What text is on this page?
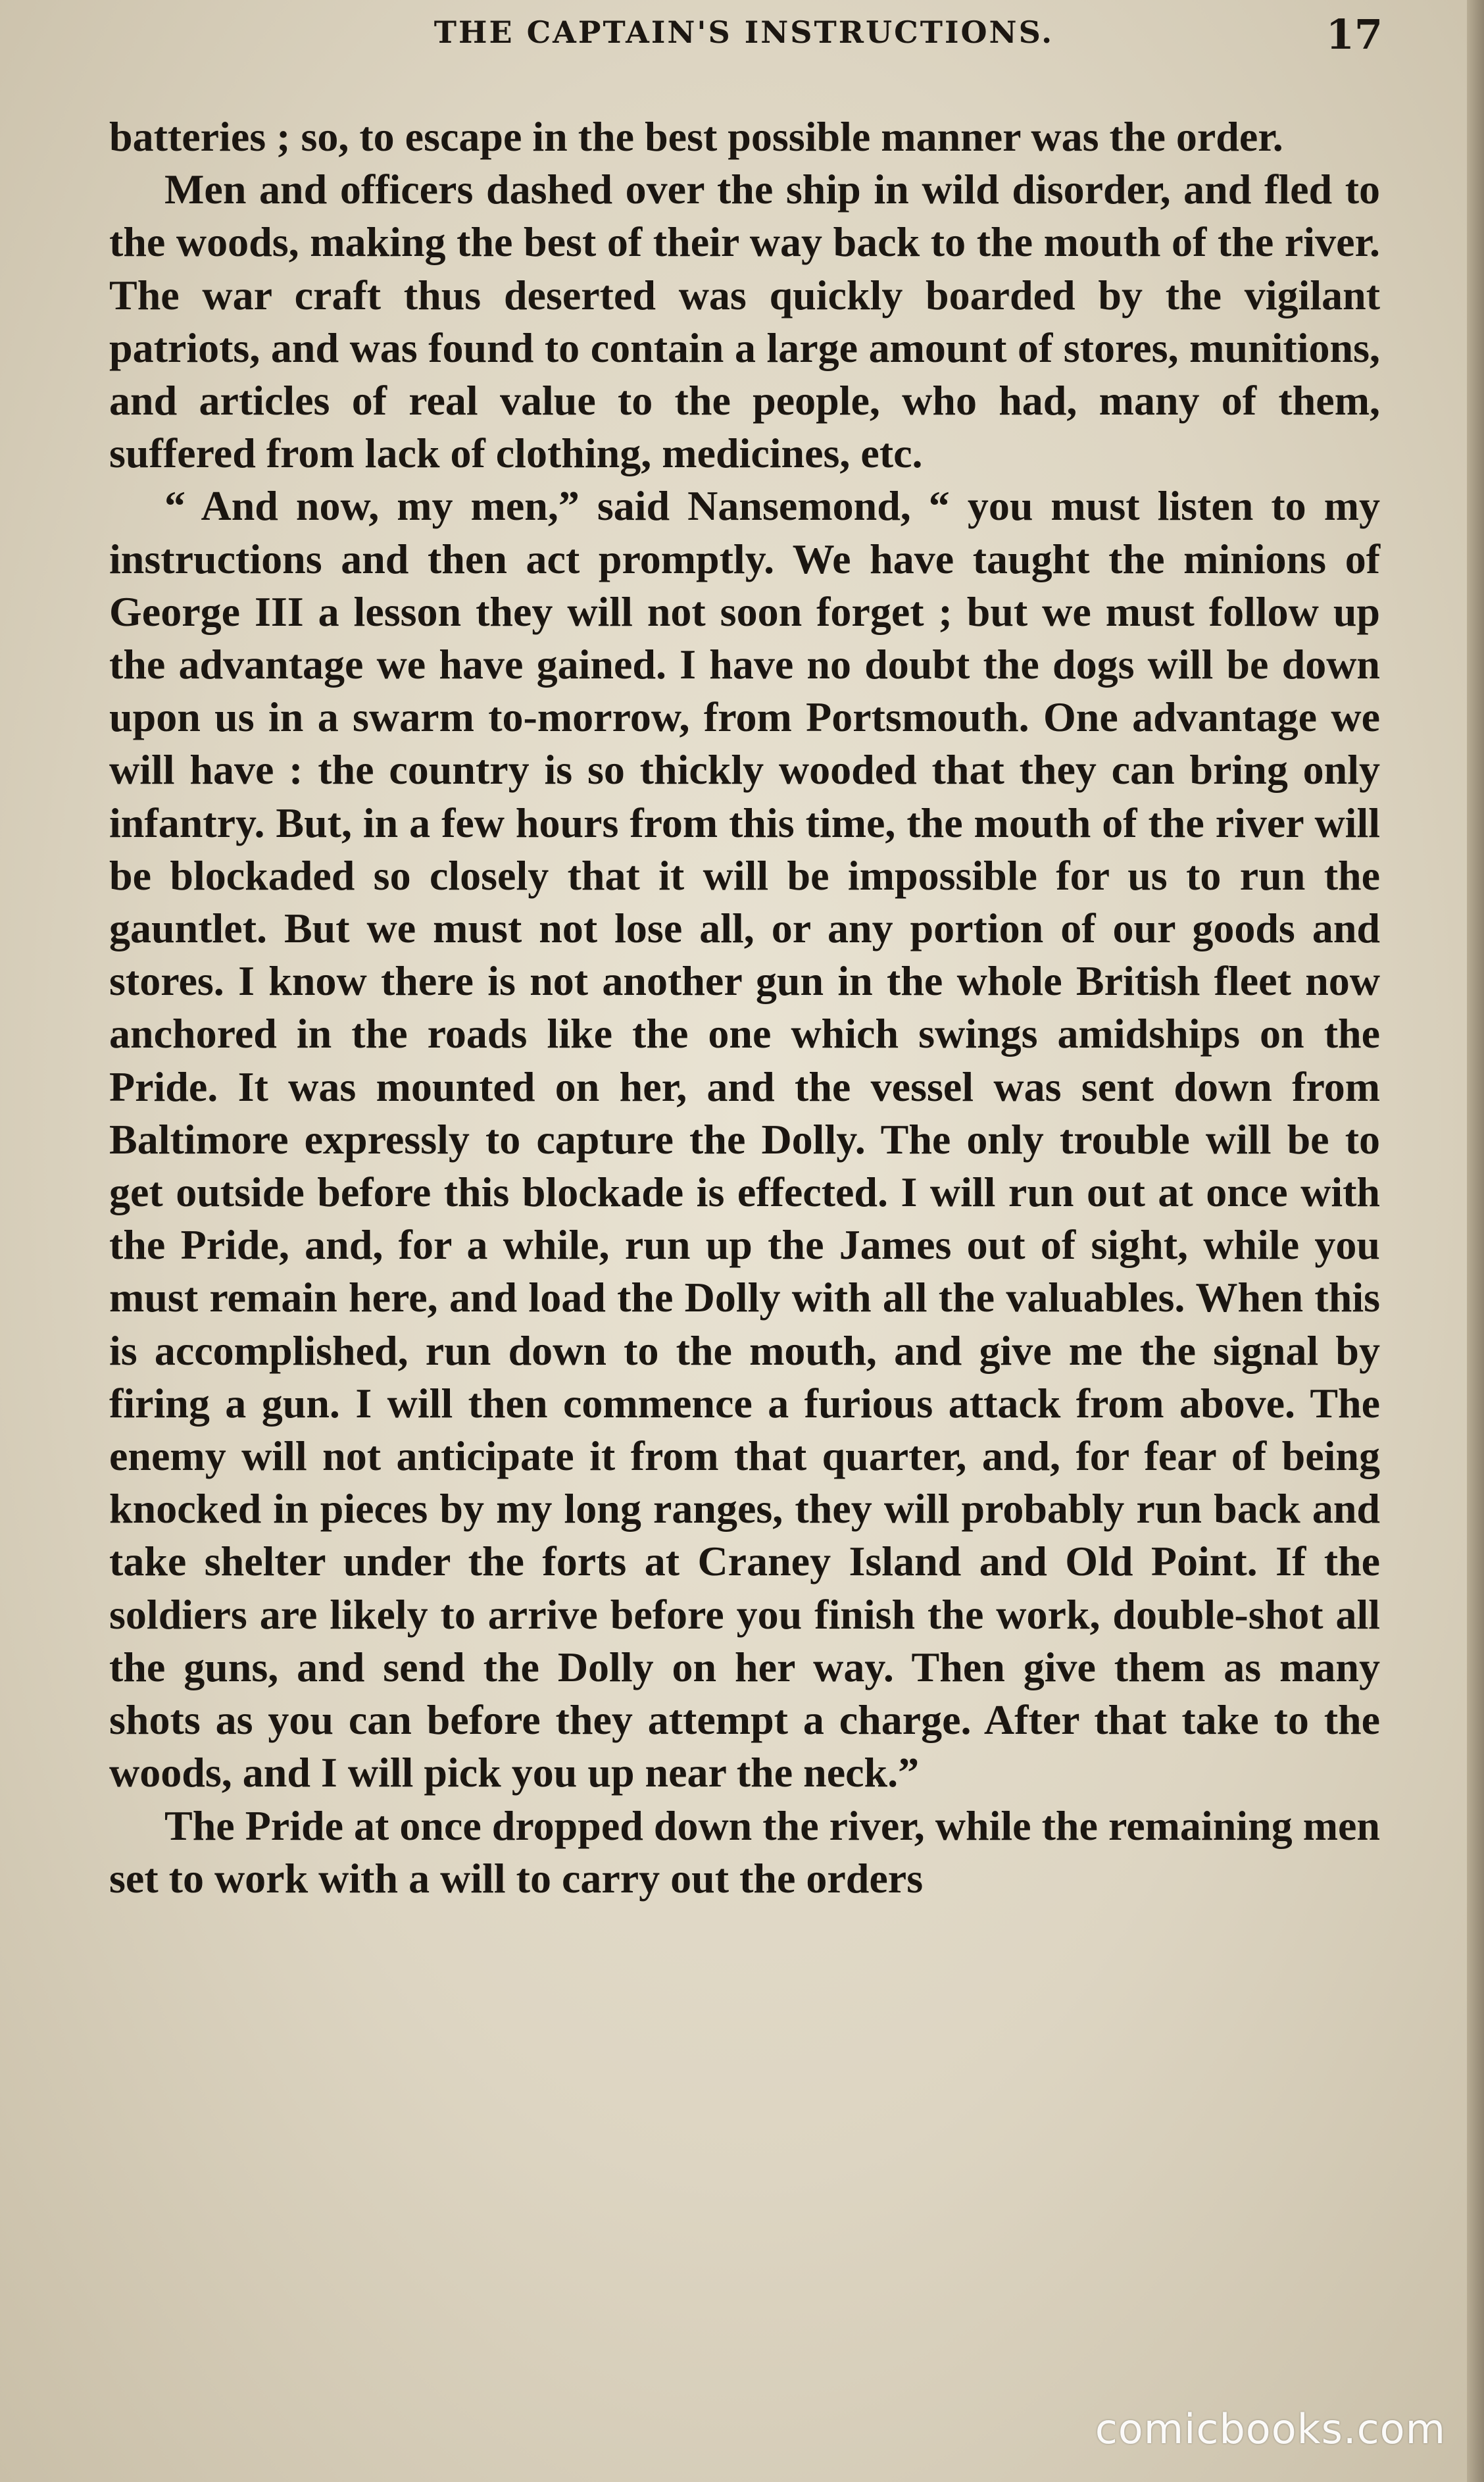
THE CAPTAIN'S INSTRUCTIONS.	17

batteries ; so, to escape in the best possible manner was the order.

Men and officers dashed over the ship in wild disorder, and fled to the woods, making the best of their way back to the mouth of the river. The war craft thus deserted was quickly boarded by the vigilant patriots, and was found to contain a large amount of stores, munitions, and articles of real value to the people, who had, many of them, suffered from lack of clothing, medicines, etc.

“ And now, my men,” said Nansemond, “ you must listen to my instructions and then act promptly. We have taught the minions of George III a lesson they will not soon forget ; but we must follow up the advantage we have gained. I have no doubt the dogs will be down upon us in a swarm to-morrow, from Portsmouth. One advantage we will have : the country is so thickly wooded that they can bring only infantry. But, in a few hours from this time, the mouth of the river will be blockaded so closely that it will be impossible for us to run the gauntlet. But we must not lose all, or any portion of our goods and stores. I know there is not another gun in the whole British fleet now anchored in the roads like the one which swings amidships on the Pride. It was mounted on her, and the vessel was sent down from Baltimore expressly to capture the Dolly. The only trouble will be to get outside before this blockade is effected. I will run out at once with the Pride, and, for a while, run up the James out of sight, while you must remain here, and load the Dolly with all the valuables. When this is accomplished, run down to the mouth, and give me the signal by firing a gun. I will then commence a furious attack from above. The enemy will not anticipate it from that quarter, and, for fear of being knocked in pieces by my long ranges, they will probably run back and take shelter under the forts at Craney Island and Old Point. If the soldiers are likely to arrive before you finish the work, double-shot all the guns, and send the Dolly on her way. Then give them as many shots as you can before they attempt a charge. After that take to the woods, and I will pick you up near the neck.”

The Pride at once dropped down the river, while the remaining men set to work with a will to carry out the orders

comicbooks.com
